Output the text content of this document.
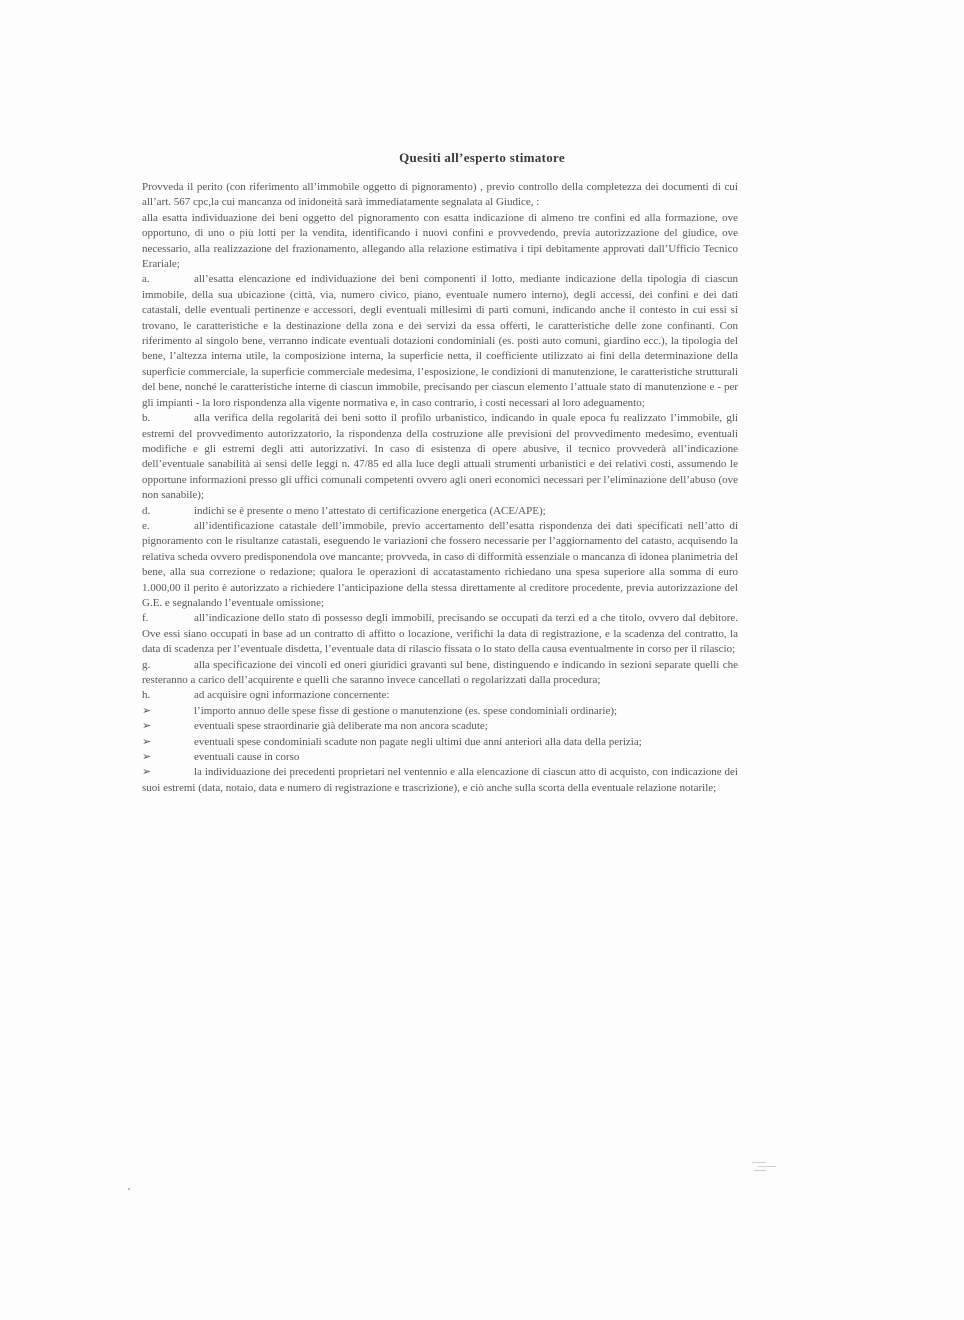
Quesiti all’esperto stimatore

Provveda il perito (con riferimento all’immobile oggetto di pignoramento) , previo controllo della completezza dei documenti di cui all’art. 567 cpc,la cui mancanza od inidoneità sarà immediatamente segnalata al Giudice, :

alla esatta individuazione dei beni oggetto del pignoramento con esatta indicazione di almeno tre confini ed alla formazione, ove opportuno, di uno o più lotti per la vendita, identificando i nuovi confini e provvedendo, previa autorizzazione del giudice, ove necessario, alla realizzazione del frazionamento, allegando alla relazione estimativa i tipi debitamente approvati dall’Ufficio Tecnico Erariale;

a.	all’esatta elencazione ed individuazione dei beni componenti il lotto, mediante indicazione della tipologia di ciascun immobile, della sua ubicazione (città, via, numero civico, piano, eventuale numero interno), degli accessi, dei confini e dei dati catastali, delle eventuali pertinenze e accessori, degli eventuali millesimi di parti comuni, indicando anche il contesto in cui essi si trovano, le caratteristiche e la destinazione della zona e dei servizi da essa offerti, le caratteristiche delle zone confinanti. Con riferimento al singolo bene, verranno indicate eventuali dotazioni condominiali (es. posti auto comuni, giardino ecc.), la tipologia del bene, l’altezza interna utile, la composizione interna, la superficie netta, il coefficiente utilizzato ai fini della determinazione della superficie commerciale, la superficie commerciale medesima, l’esposizione, le condizioni di manutenzione, le caratteristiche strutturali del bene, nonché le caratteristiche interne di ciascun immobile, precisando per ciascun elemento l’attuale stato di manutenzione e - per gli impianti - la loro rispondenza alla vigente normativa e, in caso contrario, i costi necessari al loro adeguamento;

b.	alla verifica della regolarità dei beni sotto il profilo urbanistico, indicando in quale epoca fu realizzato l’immobile, gli estremi del provvedimento autorizzatorio, la rispondenza della costruzione alle previsioni del provvedimento medesimo, eventuali modifiche e gli estremi degli atti autorizzativi. In caso di esistenza di opere abusive, il tecnico provvederà all’indicazione dell’eventuale sanabilità ai sensi delle leggi n. 47/85 ed alla luce degli attuali strumenti urbanistici e dei relativi costi, assumendo le opportune informazioni presso gli uffici comunali competenti ovvero agli oneri economici necessari per l’eliminazione dell’abuso (ove non sanabile);

d.	indichi se è presente o meno l’attestato di certificazione energetica (ACE/APE);

e.	all’identificazione catastale dell’immobile, previo accertamento dell’esatta rispondenza dei dati specificati nell’atto di pignoramento con le risultanze catastali, eseguendo le variazioni che fossero necessarie per l’aggiornamento del catasto, acquisendo la relativa scheda ovvero predisponendola ove mancante; provveda, in caso di difformità essenziale o mancanza di idonea planimetria del bene, alla sua correzione o redazione; qualora le operazioni di accatastamento richiedano una spesa superiore alla somma di euro 1.000,00 il perito è autorizzato a richiedere l’anticipazione della stessa direttamente al creditore procedente, previa autorizzazione del G.E. e segnalando l’eventuale omissione;

f.	all’indicazione dello stato di possesso degli immobili, precisando se occupati da terzi ed a che titolo, ovvero dal debitore. Ove essi siano occupati in base ad un contratto di affitto o locazione, verifichi la data di registrazione, e la scadenza del contratto, la data di scadenza per l’eventuale disdetta, l’eventuale data di rilascio fissata o lo stato della causa eventualmente in corso per il rilascio;

g.	alla specificazione dei vincoli ed oneri giuridici gravanti sul bene, distinguendo e indicando in sezioni separate quelli che resteranno a carico dell’acquirente e quelli che saranno invece cancellati o regolarizzati dalla procedura;

h.	ad acquisire ogni informazione concernente:

➢	l’importo annuo delle spese fisse di gestione o manutenzione (es. spese condominiali ordinarie);

➢	eventuali spese straordinarie già deliberate ma non ancora scadute;

➢	eventuali spese condominiali scadute non pagate negli ultimi due anni anteriori alla data della perizia;

➢	eventuali cause in corso

➢	la individuazione dei precedenti proprietari nel ventennio e alla elencazione di ciascun atto di acquisto, con indicazione dei suoi estremi (data, notaio, data e numero di registrazione e trascrizione), e ciò anche sulla scorta della eventuale relazione notarile;
